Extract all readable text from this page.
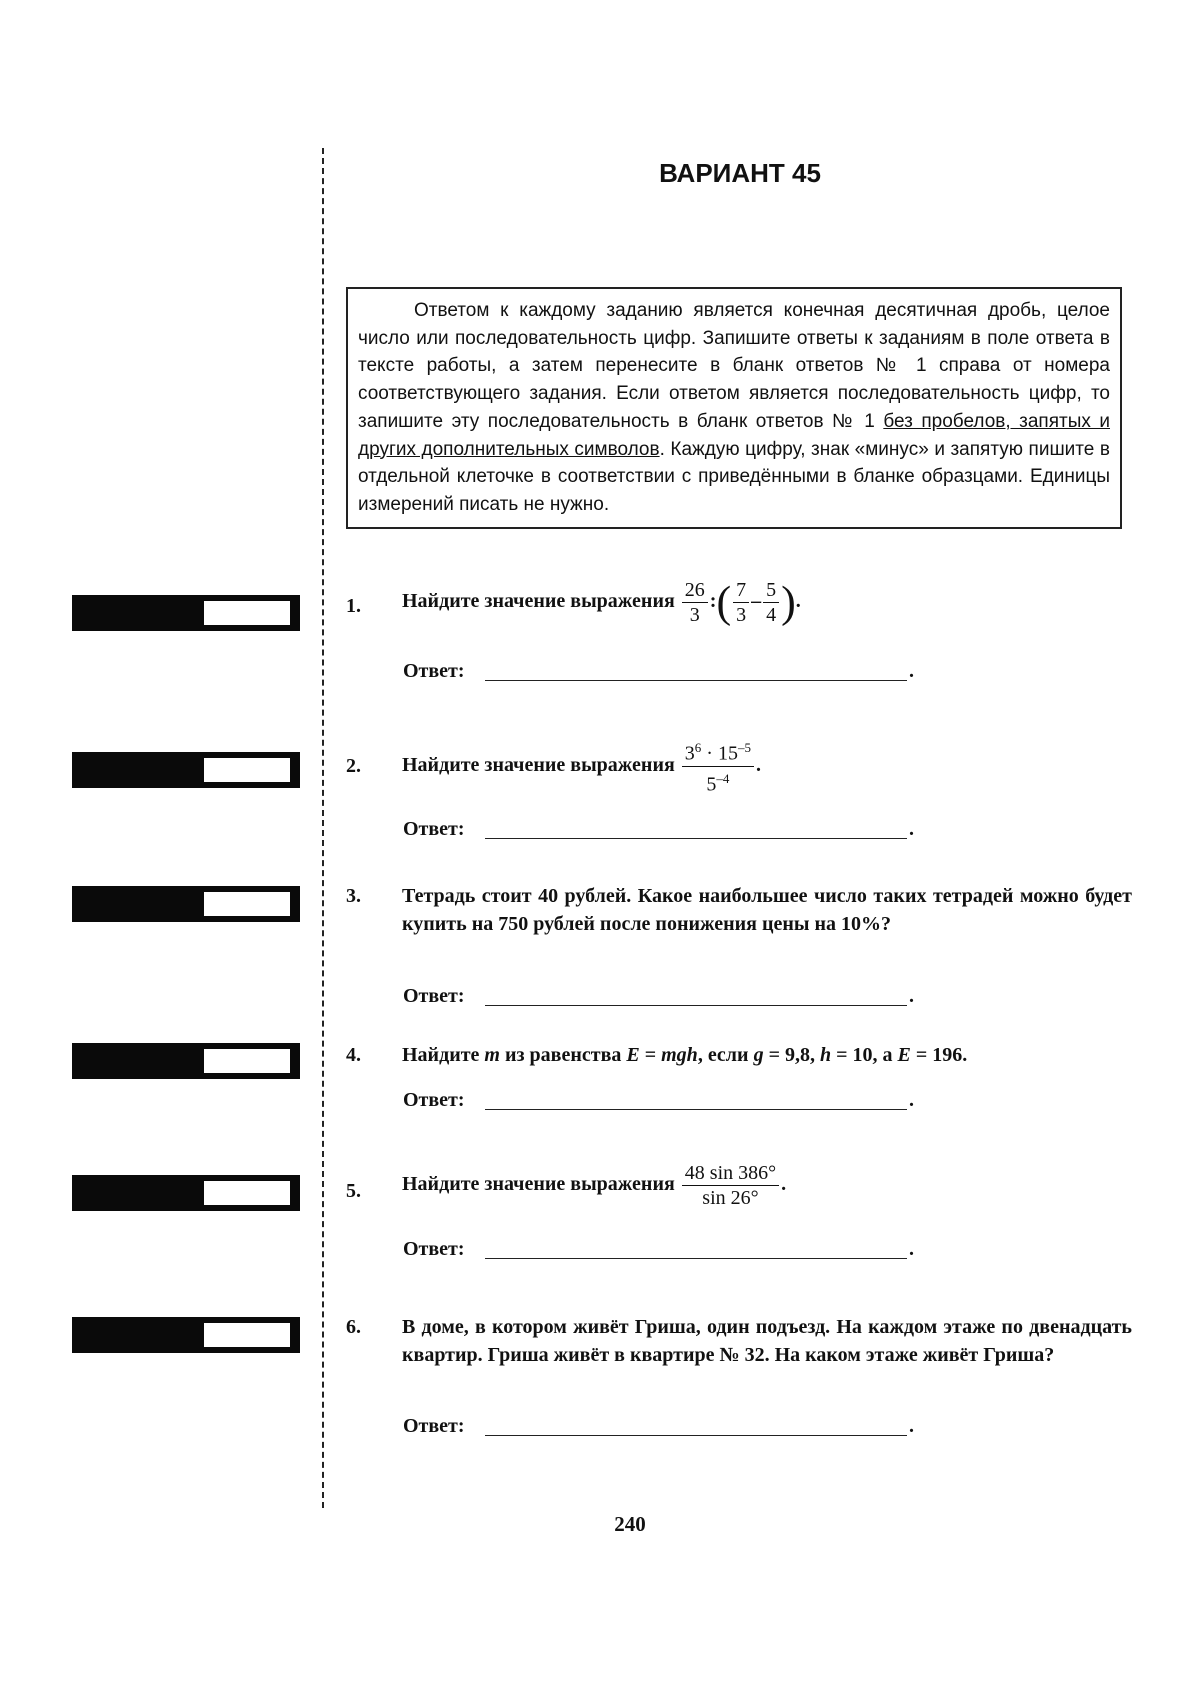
ВАРИАНТ 45
Ответом к каждому заданию является конечная десятичная дробь, целое число или последовательность цифр. Запишите ответы к заданиям в поле ответа в тексте работы, а затем перенесите в бланк ответов № 1 справа от номера соответствующего задания. Если ответом является последовательность цифр, то запишите эту последовательность в бланк ответов № 1 без пробелов, запятых и других дополнительных символов. Каждую цифру, знак «минус» и запятую пишите в отдельной клеточке в соответствии с приведёнными в бланке образцами. Единицы измерений писать не нужно.
1.	Найдите значение выражения $\frac{26}{3}$ :( $\frac{7}{3} - \frac{5}{4}$ ).
Ответ:	.
2.	Найдите значение выражения $\frac{3^6 \cdot 15^{-5}}{5^{-4}}$ .
Ответ:	.
3.	Тетрадь стоит 40 рублей. Какое наибольшее число таких тетрадей можно будет купить на 750 рублей после понижения цены на 10%?
Ответ:	.
4.	Найдите m из равенства E = mgh, если g = 9,8, h = 10, а E = 196.
Ответ:	.
5.	Найдите значение выражения $\frac{48 \sin 386^\circ}{\sin 26^\circ}$ .
Ответ:	.
6.	В доме, в котором живёт Гриша, один подъезд. На каждом этаже по двенадцать квартир. Гриша живёт в квартире № 32. На каком этаже живёт Гриша?
Ответ:	.
240
